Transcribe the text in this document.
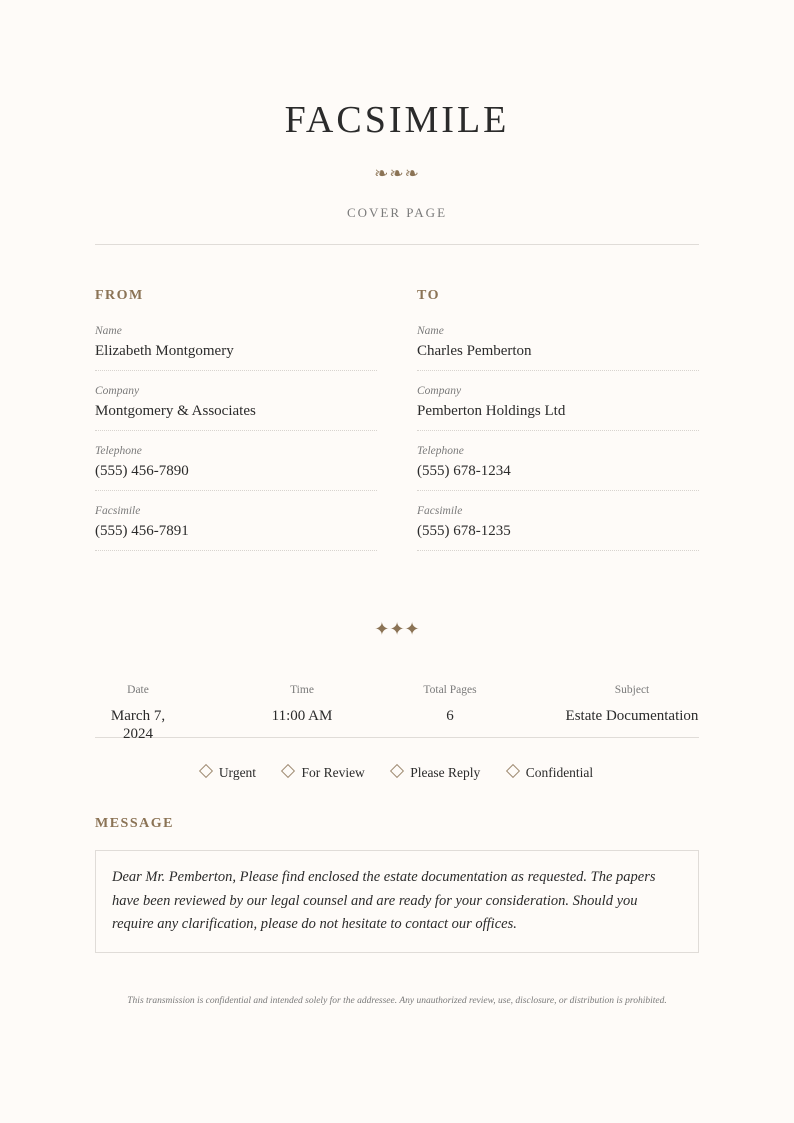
FACSIMILE
❧❧❧
COVER PAGE
FROM
Name
Elizabeth Montgomery
Company
Montgomery & Associates
Telephone
(555) 456-7890
Facsimile
(555) 456-7891
TO
Name
Charles Pemberton
Company
Pemberton Holdings Ltd
Telephone
(555) 678-1234
Facsimile
(555) 678-1235
✦✦✦
Date
March 7, 2024
Time
11:00 AM
Total Pages
6
Subject
Estate Documentation
Urgent	For Review	Please Reply	Confidential
MESSAGE
Dear Mr. Pemberton, Please find enclosed the estate documentation as requested. The papers have been reviewed by our legal counsel and are ready for your consideration. Should you require any clarification, please do not hesitate to contact our offices.
This transmission is confidential and intended solely for the addressee. Any unauthorized review, use, disclosure, or distribution is prohibited.
